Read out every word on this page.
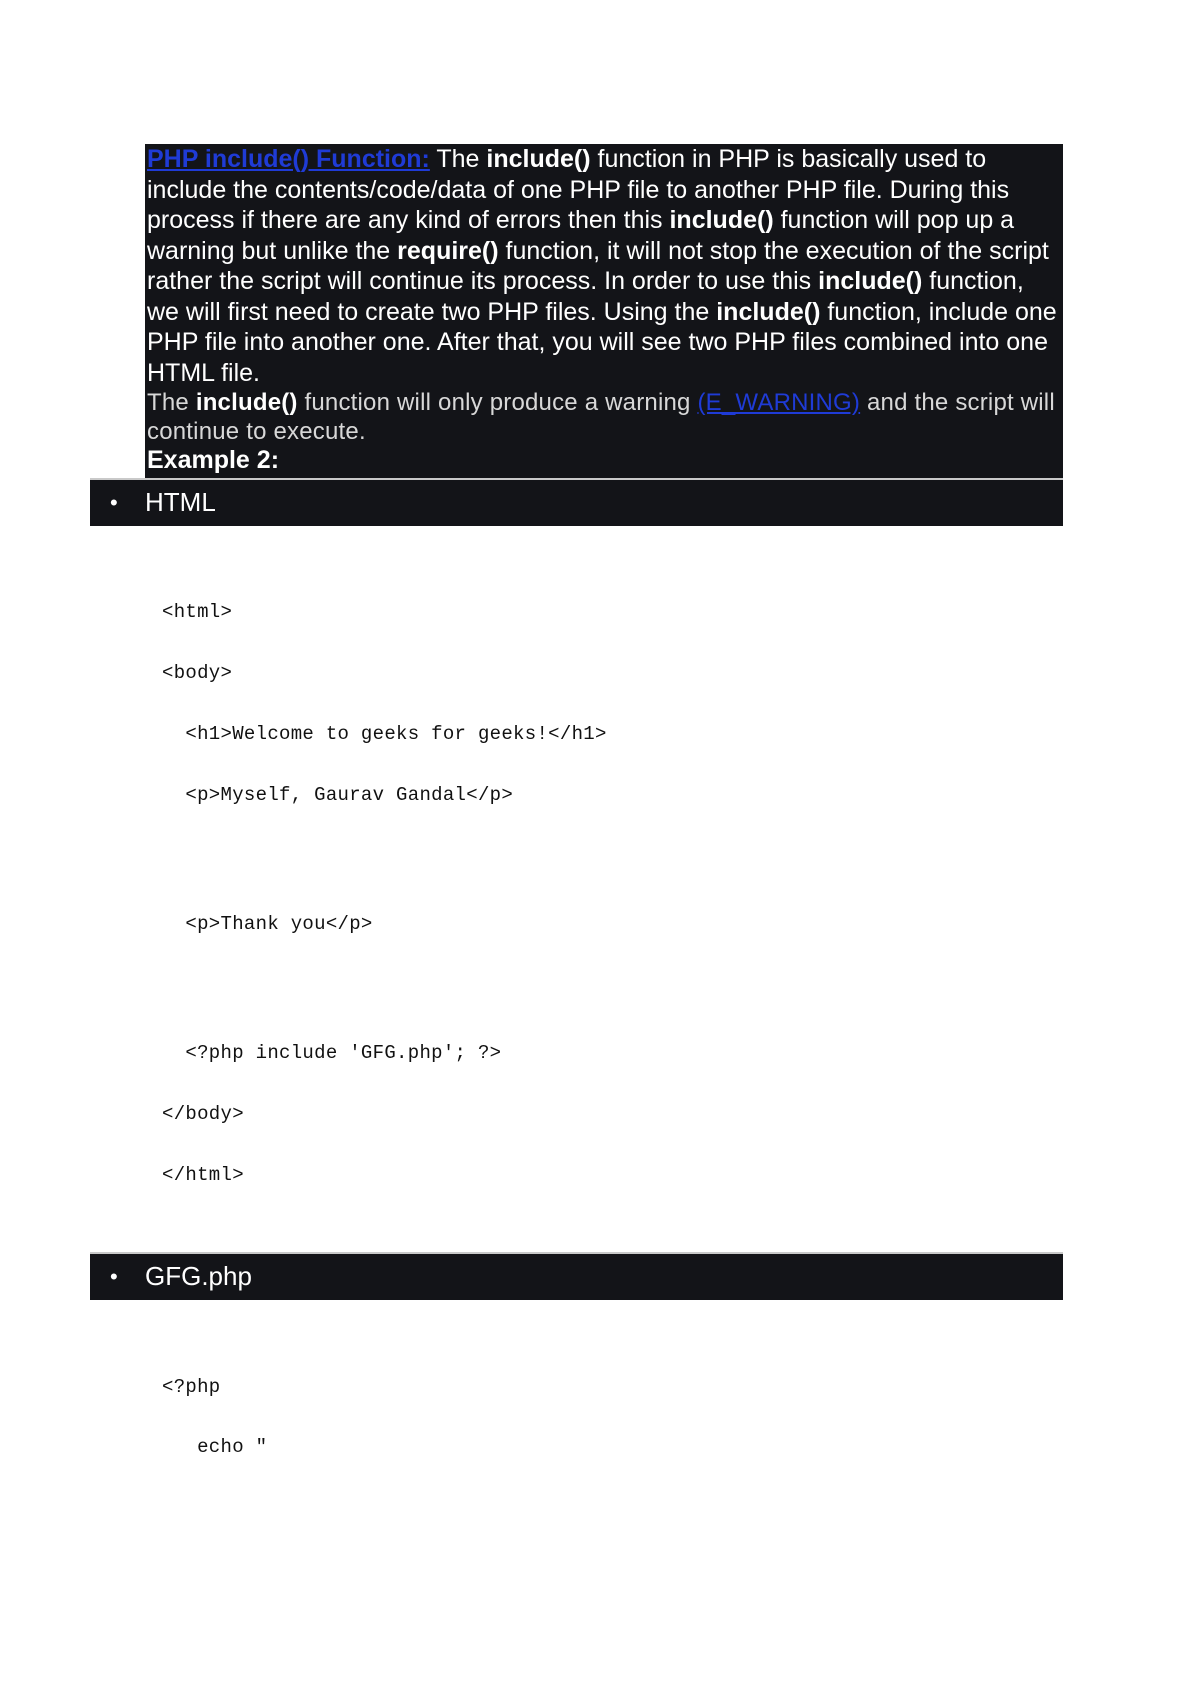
PHP include() Function: The include() function in PHP is basically used to include the contents/code/data of one PHP file to another PHP file. During this process if there are any kind of errors then this include() function will pop up a warning but unlike the require() function, it will not stop the execution of the script rather the script will continue its process. In order to use this include() function, we will first need to create two PHP files. Using the include() function, include one PHP file into another one. After that, you will see two PHP files combined into one HTML file.

The include() function will only produce a warning (E_WARNING) and the script will continue to execute.

Example 2:

• HTML
<html>
<body>
<h1>Welcome to geeks for geeks!</h1>
<p>Myself, Gaurav Gandal</p>
<p>Thank you</p>
<?php include 'GFG.php'; ?>
</body>
</html>
• GFG.php
<?php
echo "
